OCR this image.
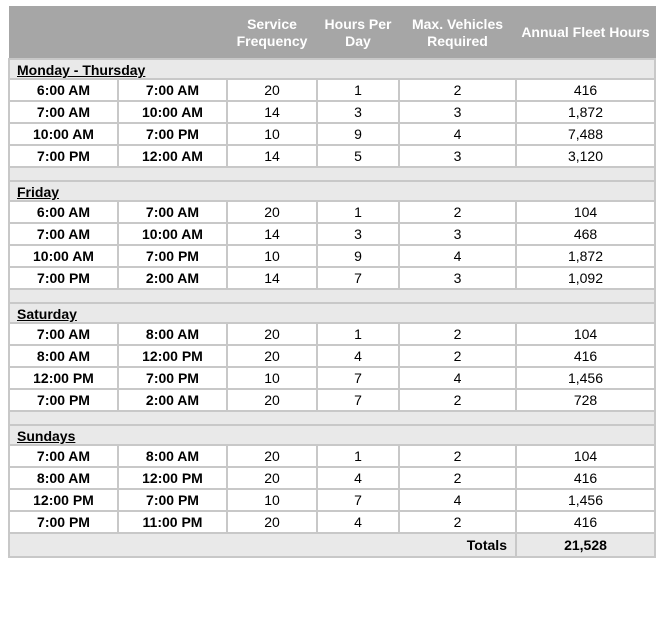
		Service Frequency	Hours Per Day	Max. Vehicles Required	Annual Fleet Hours
Monday - Thursday					
6:00 AM	7:00 AM	20	1	2	416
7:00 AM	10:00 AM	14	3	3	1,872
10:00 AM	7:00 PM	10	9	4	7,488
7:00 PM	12:00 AM	14	5	3	3,120

Friday					
6:00 AM	7:00 AM	20	1	2	104
7:00 AM	10:00 AM	14	3	3	468
10:00 AM	7:00 PM	10	9	4	1,872
7:00 PM	2:00 AM	14	7	3	1,092

Saturday					
7:00 AM	8:00 AM	20	1	2	104
8:00 AM	12:00 PM	20	4	2	416
12:00 PM	7:00 PM	10	7	4	1,456
7:00 PM	2:00 AM	20	7	2	728

Sundays					
7:00 AM	8:00 AM	20	1	2	104
8:00 AM	12:00 PM	20	4	2	416
12:00 PM	7:00 PM	10	7	4	1,456
7:00 PM	11:00 PM	20	4	2	416
Totals					21,528
